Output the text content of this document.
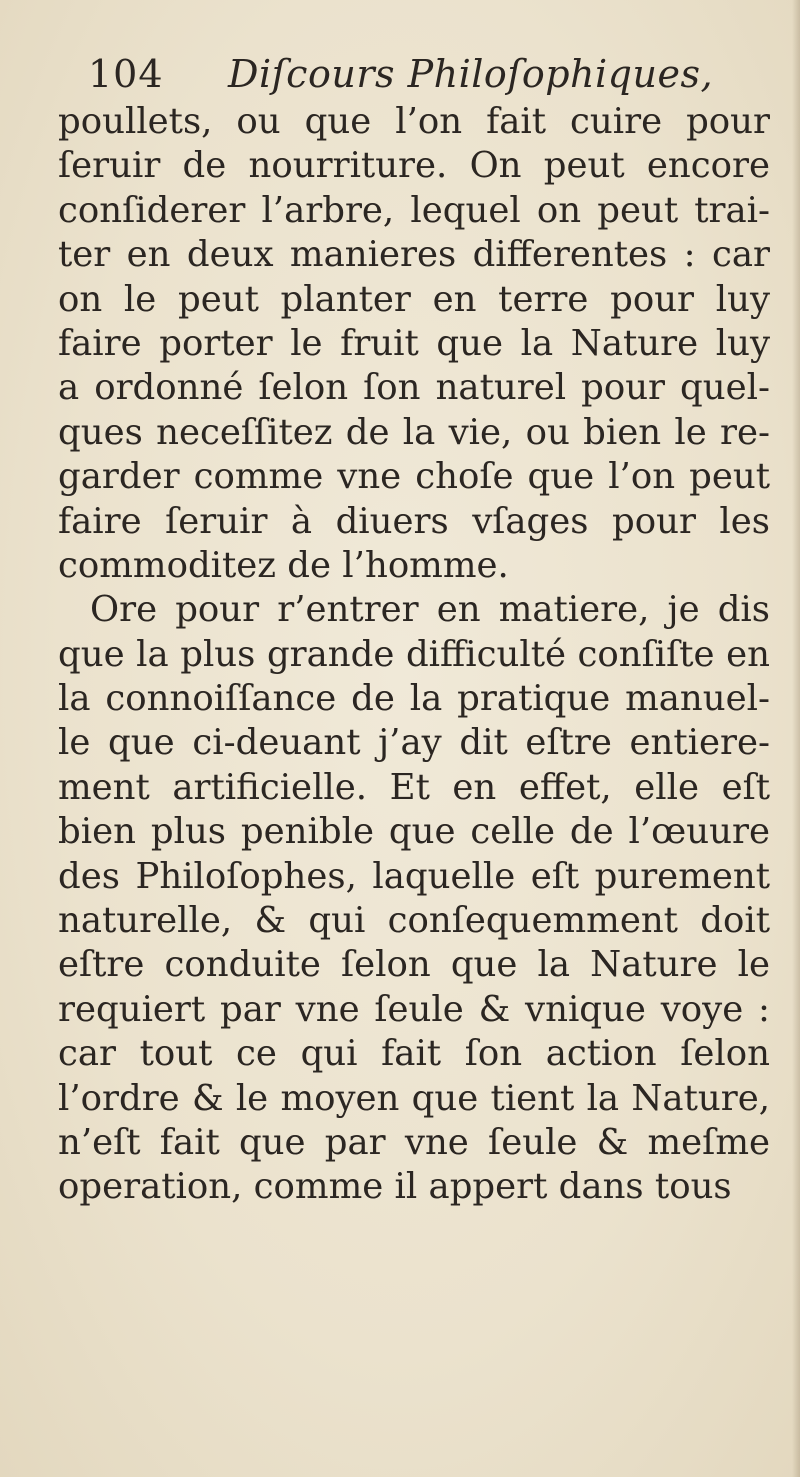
104 Diſcours Philoſophiques,
poullets, ou que l’on fait cuire pour
ſeruir de nourriture. On peut encore
conſiderer l’arbre, lequel on peut trai-
ter en deux manieres differentes : car
on le peut planter en terre pour luy
faire porter le fruit que la Nature luy
a ordonné ſelon ſon naturel pour quel-
ques neceſſitez de la vie, ou bien le re-
garder comme vne choſe que l’on peut
faire ſeruir à diuers vſages pour les
commoditez de l’homme.
Ore pour r’entrer en matiere, je dis
que la plus grande difficulté conſiſte en
la connoiſſance de la pratique manuel-
le que ci-deuant j’ay dit eſtre entiere-
ment artificielle. Et en effet, elle eſt
bien plus penible que celle de l’œuure
des Philoſophes, laquelle eſt purement
naturelle, & qui conſequemment doit
eſtre conduite ſelon que la Nature le
requiert par vne ſeule & vnique voye :
car tout ce qui fait ſon action ſelon
l’ordre & le moyen que tient la Nature,
n’eſt fait que par vne ſeule & meſme
operation, comme il appert dans tous
